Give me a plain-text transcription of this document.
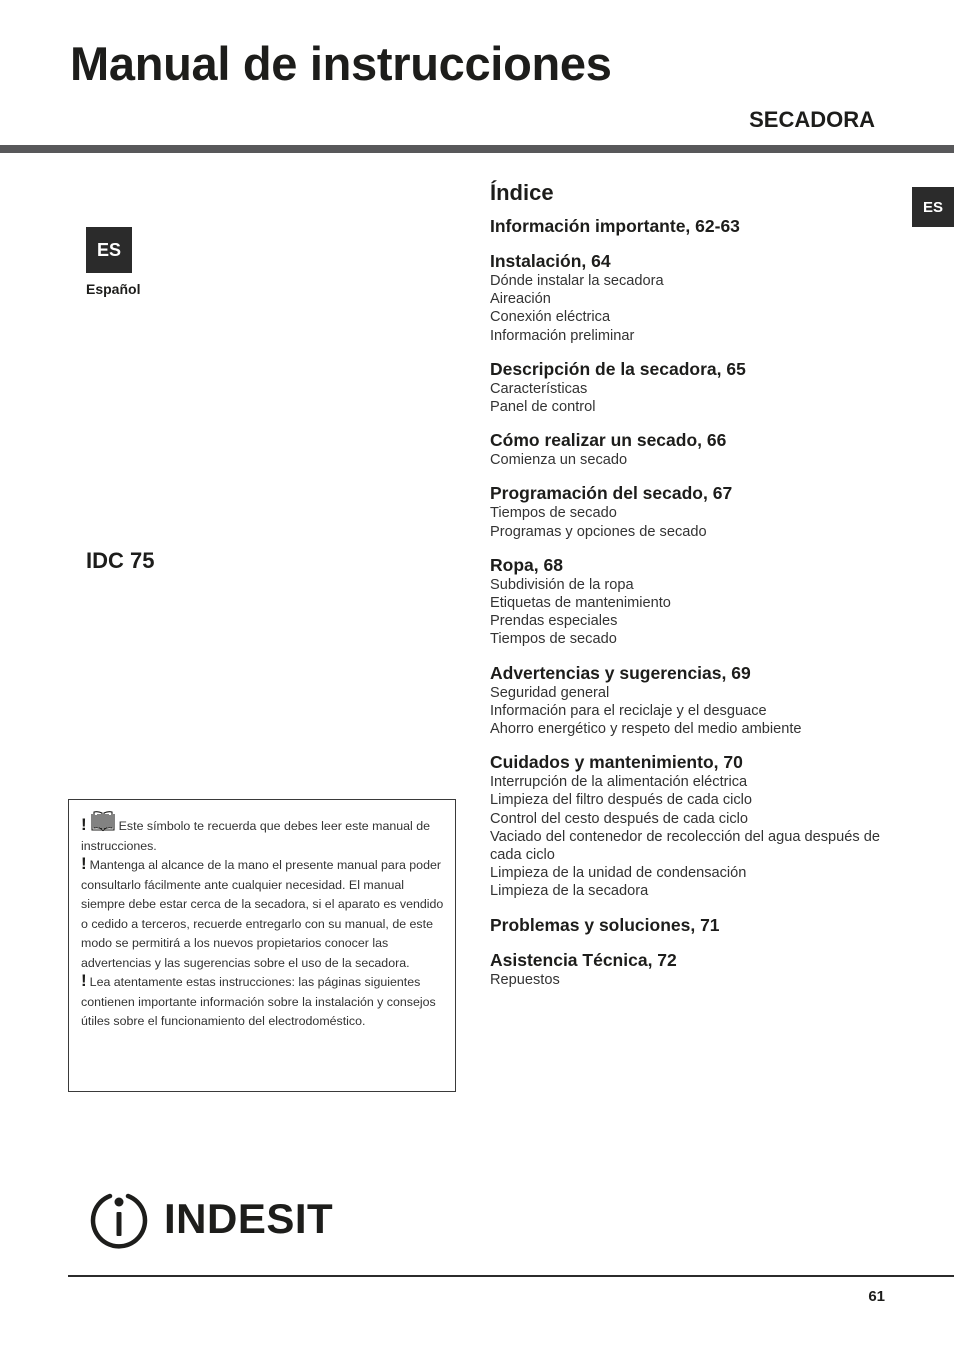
Manual de instrucciones
SECADORA
ES
ES
Español
IDC 75

!	Este símbolo te recuerda que debes leer este manual de instrucciones.

! Mantenga al alcance de la mano el presente manual para poder consultarlo fácilmente ante cualquier necesidad. El manual siempre debe estar cerca de la secadora, si el aparato es vendido o cedido a terceros, recuerde entregarlo con su manual, de este modo se permitirá a los nuevos propietarios conocer las advertencias y las sugerencias sobre el uso de la secadora.

! Lea atentamente estas instrucciones: las páginas siguientes contienen importante información sobre la instalación y consejos útiles sobre el funcionamiento del electrodoméstico.

Índice
Información importante, 62-63
Instalación, 64
Dónde instalar la secadora
Aireación
Conexión eléctrica
Información preliminar
Descripción de la secadora, 65
Características
Panel de control
Cómo realizar un secado, 66
Comienza un secado
Programación del secado, 67
Tiempos de secado
Programas y opciones de secado
Ropa, 68
Subdivisión de la ropa
Etiquetas de mantenimiento
Prendas especiales
Tiempos de secado
Advertencias y sugerencias, 69
Seguridad general
Información para el reciclaje y el desguace
Ahorro energético y respeto del medio ambiente
Cuidados y mantenimiento, 70
Interrupción de la alimentación eléctrica
Limpieza del filtro después de cada ciclo
Control del cesto después de cada ciclo
Vaciado del contenedor de recolección del agua después de cada ciclo
Limpieza de la unidad de condensación
Limpieza de la secadora
Problemas y soluciones, 71
Asistencia Técnica, 72
Repuestos
INDESIT
61
